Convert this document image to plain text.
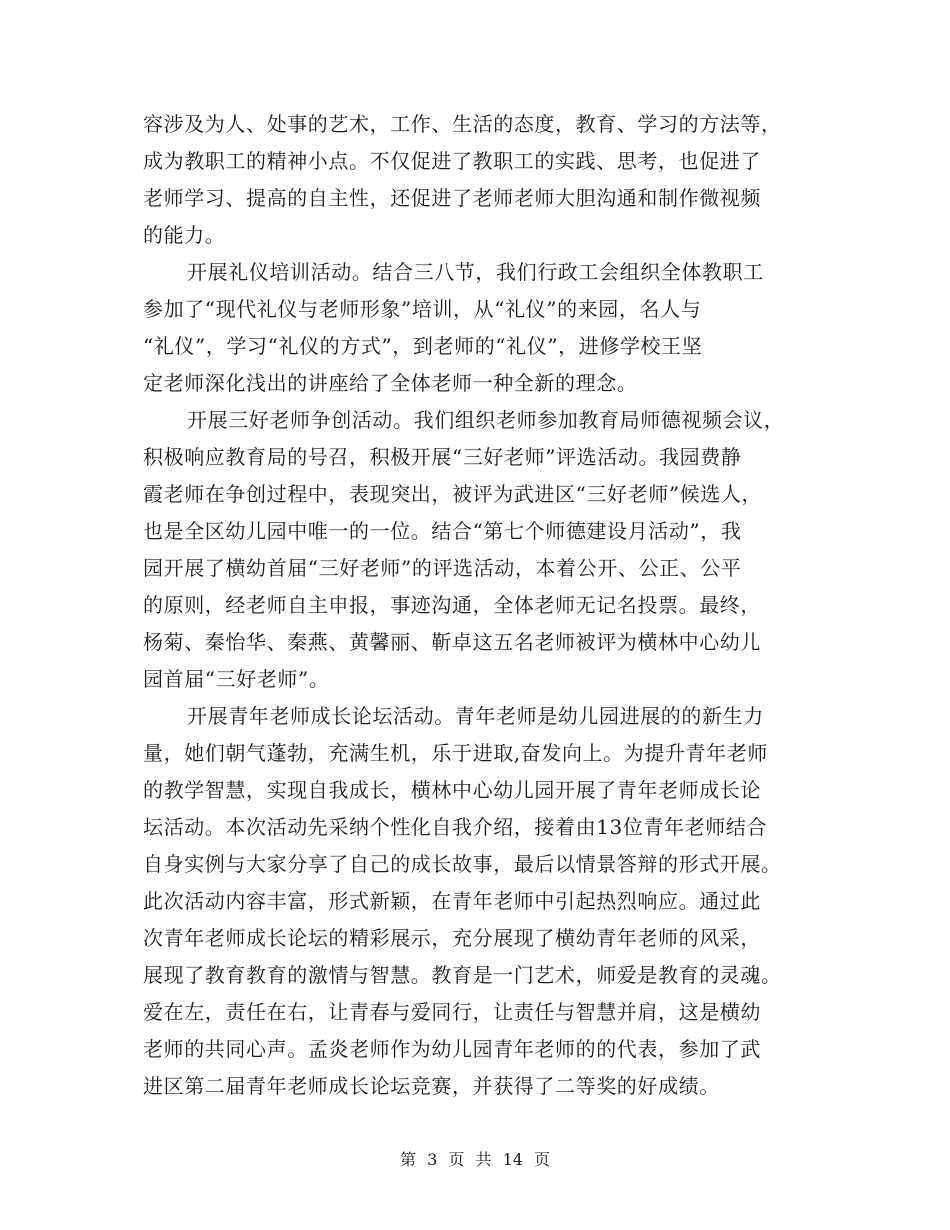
容涉及为人、处事的艺术，工作、生活的态度，教育、学习的方法等，
成为教职工的精神小点。不仅促进了教职工的实践、思考，也促进了
老师学习、提高的自主性，还促进了老师老师大胆沟通和制作微视频
的能力。
开展礼仪培训活动。结合三八节，我们行政工会组织全体教职工
参加了“现代礼仪与老师形象”培训，从“礼仪”的来园，名人与
“礼仪”，学习“礼仪的方式”，到老师的“礼仪”，进修学校王坚
定老师深化浅出的讲座给了全体老师一种全新的理念。
开展三好老师争创活动。我们组织老师参加教育局师德视频会议，
积极响应教育局的号召，积极开展“三好老师”评选活动。我园费静
霞老师在争创过程中，表现突出，被评为武进区“三好老师”候选人，
也是全区幼儿园中唯一的一位。结合“第七个师德建设月活动”，我
园开展了横幼首届“三好老师”的评选活动，本着公开、公正、公平
的原则，经老师自主申报，事迹沟通，全体老师无记名投票。最终，
杨菊、秦怡华、秦燕、黄馨丽、靳卓这五名老师被评为横林中心幼儿
园首届“三好老师”。
开展青年老师成长论坛活动。青年老师是幼儿园进展的的新生力
量，她们朝气蓬勃，充满生机，乐于进取,奋发向上。为提升青年老师
的教学智慧，实现自我成长，横林中心幼儿园开展了青年老师成长论
坛活动。本次活动先采纳个性化自我介绍，接着由13位青年老师结合
自身实例与大家分享了自己的成长故事，最后以情景答辩的形式开展。
此次活动内容丰富，形式新颖，在青年老师中引起热烈响应。通过此
次青年老师成长论坛的精彩展示，充分展现了横幼青年老师的风采，
展现了教育教育的激情与智慧。教育是一门艺术，师爱是教育的灵魂。
爱在左，责任在右，让青春与爱同行，让责任与智慧并肩，这是横幼
老师的共同心声。孟炎老师作为幼儿园青年老师的的代表，参加了武
进区第二届青年老师成长论坛竞赛，并获得了二等奖的好成绩。
第 3 页 共 14 页
